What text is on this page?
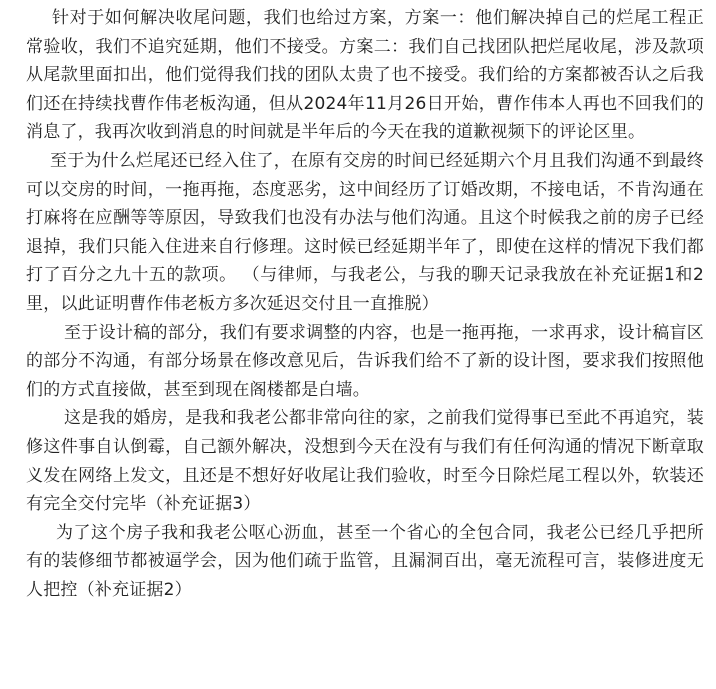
针对于如何解决收尾问题，我们也给过方案，方案一：他们解决掉自己的烂尾工程正常验收，我们不追究延期，他们不接受。方案二：我们自己找团队把烂尾收尾，涉及款项从尾款里面扣出，他们觉得我们找的团队太贵了也不接受。我们给的方案都被否认之后我们还在持续找曹作伟老板沟通，但从2024年11月26日开始，曹作伟本人再也不回我们的消息了，我再次收到消息的时间就是半年后的今天在我的道歉视频下的评论区里。

至于为什么烂尾还已经入住了，在原有交房的时间已经延期六个月且我们沟通不到最终可以交房的时间，一拖再拖，态度恶劣，这中间经历了订婚改期，不接电话，不肯沟通在打麻将在应酬等等原因，导致我们也没有办法与他们沟通。且这个时候我之前的房子已经退掉，我们只能入住进来自行修理。这时候已经延期半年了，即使在这样的情况下我们都打了百分之九十五的款项。 （与律师，与我老公，与我的聊天记录我放在补充证据1和2里，以此证明曹作伟老板方多次延迟交付且一直推脱）

至于设计稿的部分，我们有要求调整的内容，也是一拖再拖，一求再求，设计稿盲区的部分不沟通，有部分场景在修改意见后，告诉我们给不了新的设计图，要求我们按照他们的方式直接做，甚至到现在阁楼都是白墙。

这是我的婚房，是我和我老公都非常向往的家，之前我们觉得事已至此不再追究，装修这件事自认倒霉，自己额外解决，没想到今天在没有与我们有任何沟通的情况下断章取义发在网络上发文，且还是不想好好收尾让我们验收，时至今日除烂尾工程以外，软装还有完全交付完毕（补充证据3）

为了这个房子我和我老公呕心沥血，甚至一个省心的全包合同，我老公已经几乎把所有的装修细节都被逼学会，因为他们疏于监管，且漏洞百出，毫无流程可言，装修进度无人把控（补充证据2）
